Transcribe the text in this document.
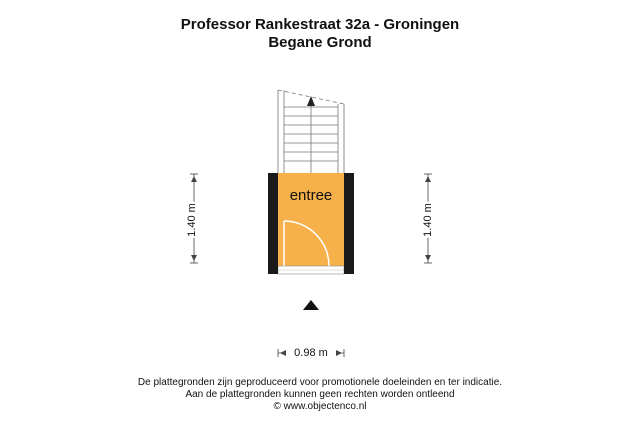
Professor Rankestraat 32a - Groningen
Begane Grond
entree
1.40 m	1.40 m
0.98 m
De plattegronden zijn geproduceerd voor promotionele doeleinden en ter indicatie.
Aan de plattegronden kunnen geen rechten worden ontleend
© www.objectenco.nl
